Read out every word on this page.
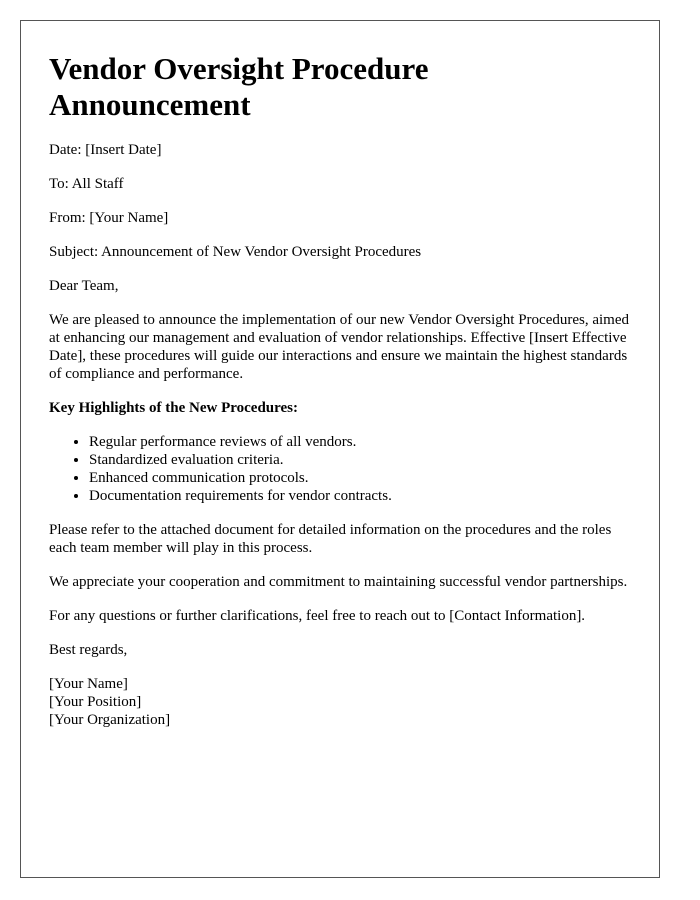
Vendor Oversight Procedure Announcement
Date: [Insert Date]
To: All Staff
From: [Your Name]
Subject: Announcement of New Vendor Oversight Procedures

Dear Team,

We are pleased to announce the implementation of our new Vendor Oversight Procedures, aimed at enhancing our management and evaluation of vendor relationships. Effective [Insert Effective Date], these procedures will guide our interactions and ensure we maintain the highest standards of compliance and performance.

Key Highlights of the New Procedures:
• Regular performance reviews of all vendors.
• Standardized evaluation criteria.
• Enhanced communication protocols.
• Documentation requirements for vendor contracts.

Please refer to the attached document for detailed information on the procedures and the roles each team member will play in this process.

We appreciate your cooperation and commitment to maintaining successful vendor partnerships.

For any questions or further clarifications, feel free to reach out to [Contact Information].

Best regards,

[Your Name]
[Your Position]
[Your Organization]
